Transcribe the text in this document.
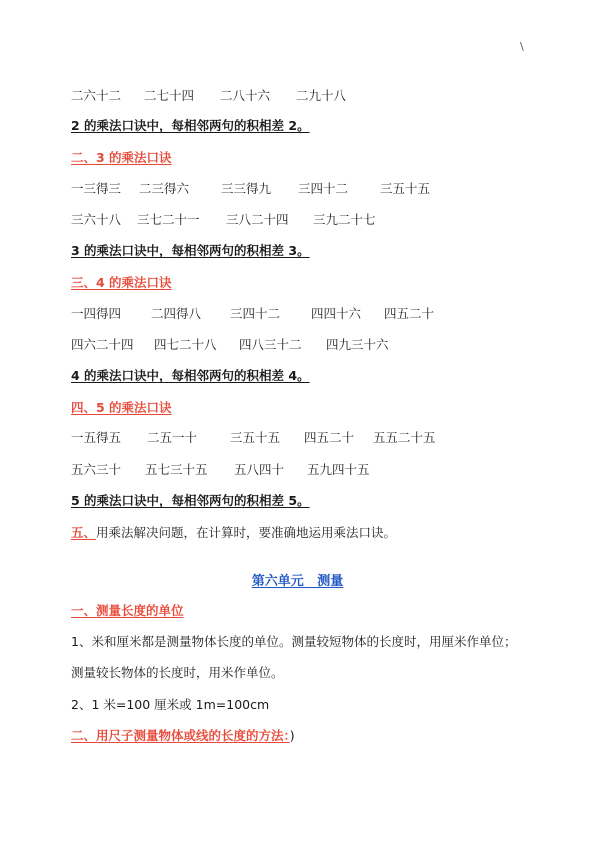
\
二六十二	二七十四	二八十六	二九十八
2 的乘法口诀中，每相邻两句的积相差 2。
二、3 的乘法口诀
一三得三	二三得六	三三得九	三四十二	三五十五
三六十八	三七二十一	三八二十四	三九二十七
3 的乘法口诀中，每相邻两句的积相差 3。
三、4 的乘法口诀
一四得四	二四得八	三四十二	四四十六	四五二十
四六二十四	四七二十八	四八三十二	四九三十六
4 的乘法口诀中，每相邻两句的积相差 4。
四、5 的乘法口诀
一五得五	二五一十	三五十五	四五二十	五五二十五
五六三十	五七三十五	五八四十	五九四十五
5 的乘法口诀中，每相邻两句的积相差 5。
五、用乘法解决问题，在计算时，要准确地运用乘法口诀。
第六单元   测量
一、测量长度的单位
1、米和厘米都是测量物体长度的单位。测量较短物体的长度时，用厘米作单位；
测量较长物体的长度时，用米作单位。
2、1 米=100 厘米或 1m=100cm
二、用尺子测量物体或线的长度的方法：)
